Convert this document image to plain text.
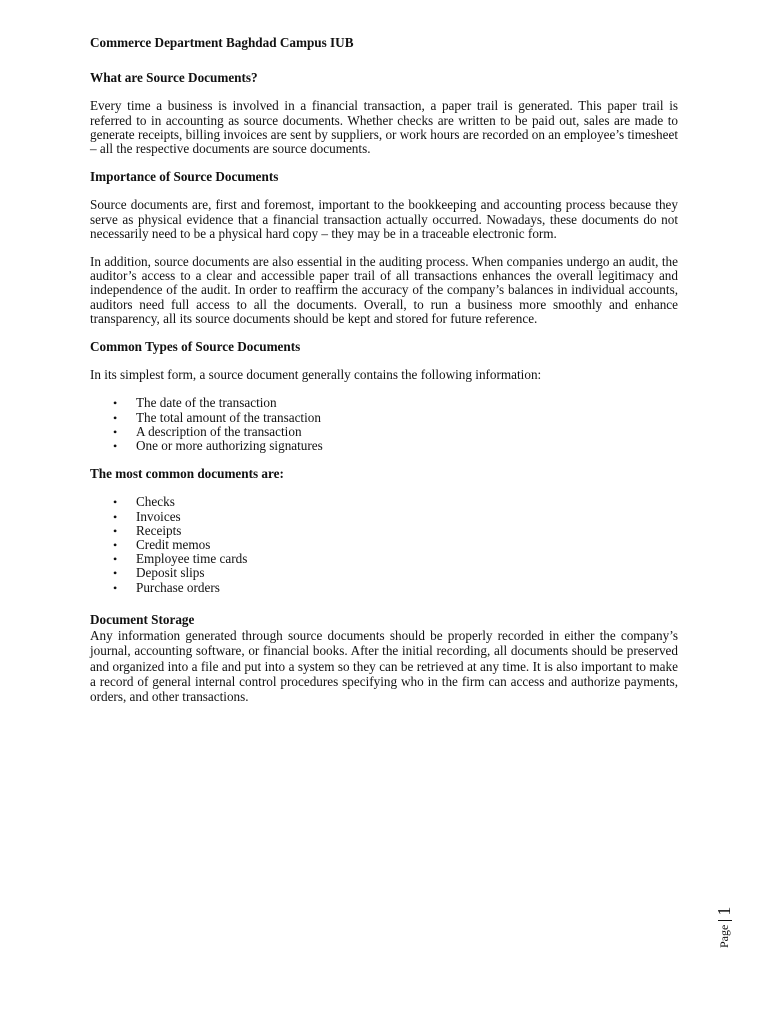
Commerce Department Baghdad Campus IUB
What are Source Documents?

Every time a business is involved in a financial transaction, a paper trail is generated. This paper trail is referred to in accounting as source documents. Whether checks are written to be paid out, sales are made to generate receipts, billing invoices are sent by suppliers, or work hours are recorded on an employee’s timesheet – all the respective documents are source documents.

Importance of Source Documents

Source documents are, first and foremost, important to the bookkeeping and accounting process because they serve as physical evidence that a financial transaction actually occurred. Nowadays, these documents do not necessarily need to be a physical hard copy – they may be in a traceable electronic form.

In addition, source documents are also essential in the auditing process. When companies undergo an audit, the auditor’s access to a clear and accessible paper trail of all transactions enhances the overall legitimacy and independence of the audit. In order to reaffirm the accuracy of the company’s balances in individual accounts, auditors need full access to all the documents. Overall, to run a business more smoothly and enhance transparency, all its source documents should be kept and stored for future reference.

Common Types of Source Documents

In its simplest form, a source document generally contains the following information:

• The date of the transaction
• The total amount of the transaction
• A description of the transaction
• One or more authorizing signatures
The most common documents are:
• Checks
• Invoices
• Receipts
• Credit memos
• Employee time cards
• Deposit slips
• Purchase orders
Document Storage

Any information generated through source documents should be properly recorded in either the company’s journal, accounting software, or financial books. After the initial recording, all documents should be preserved and organized into a file and put into a system so they can be retrieved at any time. It is also important to make a record of general internal control procedures specifying who in the firm can access and authorize payments, orders, and other transactions.

Page
1
